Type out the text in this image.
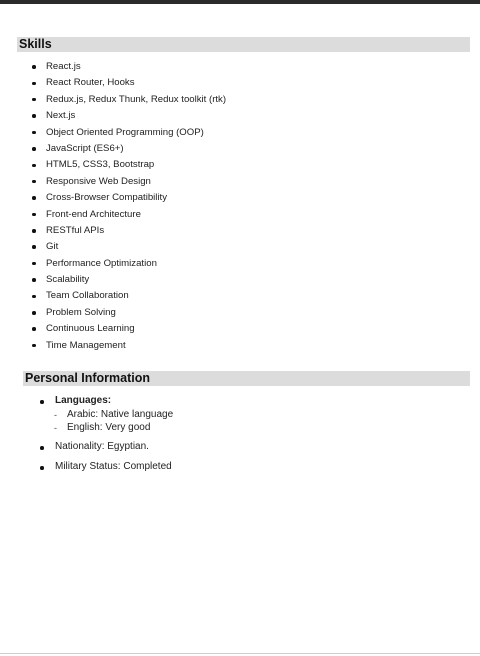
Skills
React.js
React Router, Hooks
Redux.js, Redux Thunk, Redux toolkit (rtk)
Next.js
Object Oriented Programming (OOP)
JavaScript (ES6+)
HTML5, CSS3, Bootstrap
Responsive Web Design
Cross-Browser Compatibility
Front-end Architecture
RESTful APIs
Git
Performance Optimization
Scalability
Team Collaboration
Problem Solving
Continuous Learning
Time Management
Personal Information
Languages:
- Arabic: Native language
- English: Very good
Nationality: Egyptian.
Military Status: Completed
